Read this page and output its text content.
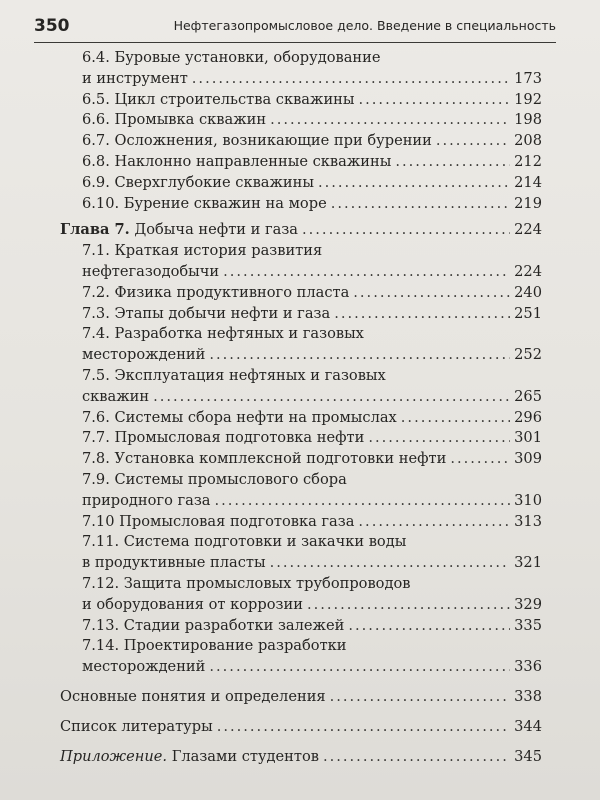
350	Нефтегазопромысловое дело. Введение в специальность
6.4. Буровые установки, оборудование
и инструмент .....	173
6.5. Цикл строительства скважины .....	192
6.6. Промывка скважин .....	198
6.7. Осложнения, возникающие при бурении .....	208
6.8. Наклонно направленные скважины .....	212
6.9. Сверхглубокие скважины .....	214
6.10. Бурение скважин на море .....	219
Глава 7. Добыча нефти и газа .....	224
7.1. Краткая история развития
нефтегазодобычи .....	224
7.2. Физика продуктивного пласта .....	240
7.3. Этапы добычи нефти и газа .....	251
7.4. Разработка нефтяных и газовых
месторождений .....	252
7.5. Эксплуатация нефтяных и газовых
скважин .....	265
7.6. Системы сбора нефти на промыслах .....	296
7.7. Промысловая подготовка нефти .....	301
7.8. Установка комплексной подготовки нефти .....	309
7.9. Системы промыслового сбора
природного газа .....	310
7.10 Промысловая подготовка газа .....	313
7.11. Система подготовки и закачки воды
в продуктивные пласты .....	321
7.12. Защита промысловых трубопроводов
и оборудования от коррозии .....	329
7.13. Стадии разработки залежей .....	335
7.14. Проектирование разработки
месторождений .....	336
Основные понятия и определения .....	338
Список литературы .....	344
Приложение. Глазами студентов .....	345
